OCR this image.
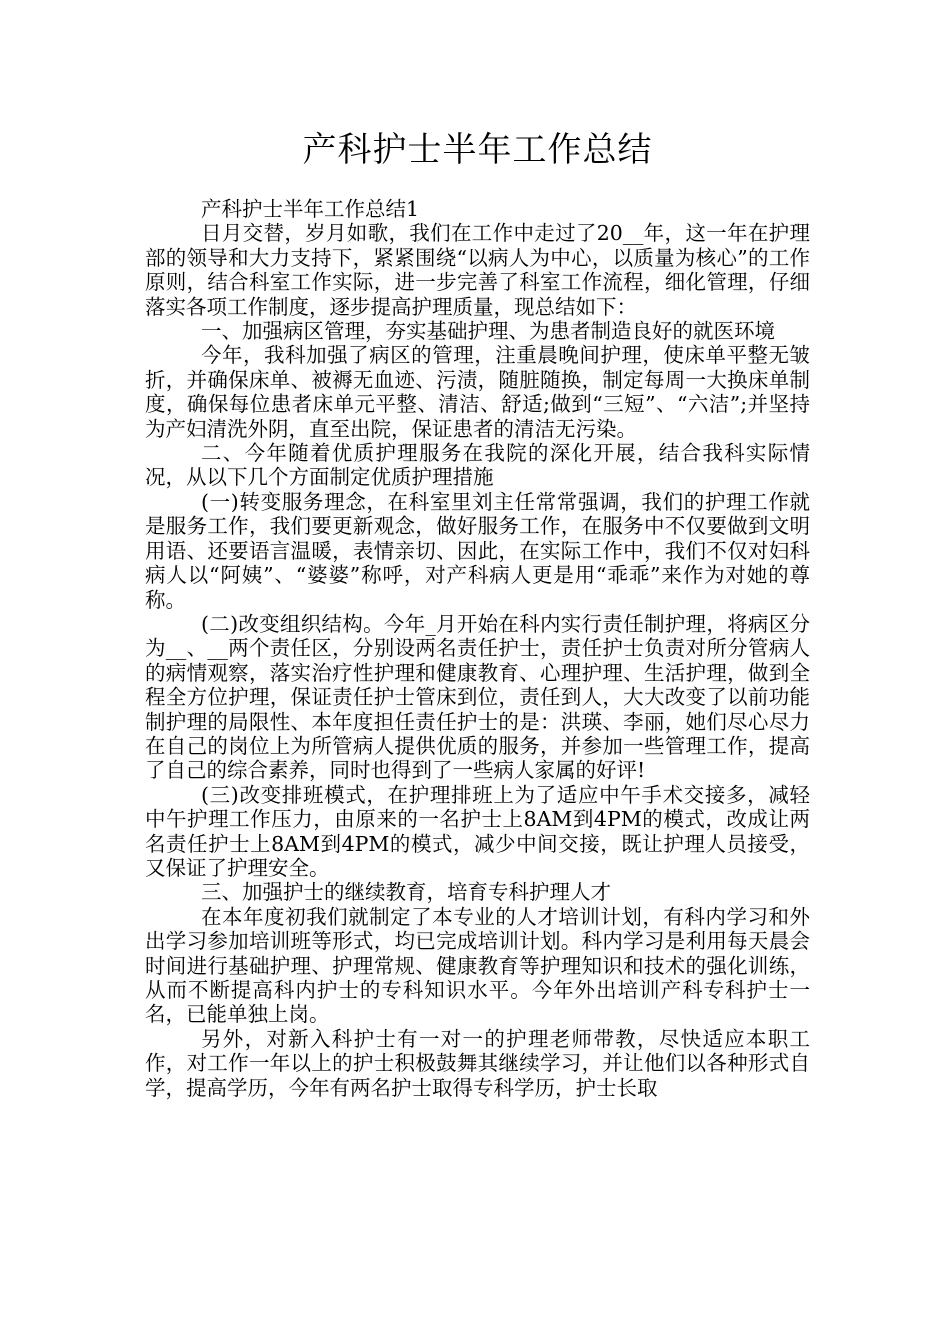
产科护士半年工作总结

产科护士半年工作总结1

日月交替，岁月如歌，我们在工作中走过了20__年，这一年在护理部的领导和大力支持下，紧紧围绕“以病人为中心，以质量为核心”的工作原则，结合科室工作实际，进一步完善了科室工作流程，细化管理，仔细落实各项工作制度，逐步提高护理质量，现总结如下：

一、加强病区管理，夯实基础护理、为患者制造良好的就医环境

今年，我科加强了病区的管理，注重晨晚间护理，使床单平整无皱折，并确保床单、被褥无血迹、污渍，随脏随换，制定每周一大换床单制度，确保每位患者床单元平整、清洁、舒适;做到“三短”、“六洁”;并坚持为产妇清洗外阴，直至出院，保证患者的清洁无污染。

二、今年随着优质护理服务在我院的深化开展，结合我科实际情况，从以下几个方面制定优质护理措施

(一)转变服务理念，在科室里刘主任常常强调，我们的护理工作就是服务工作，我们要更新观念，做好服务工作，在服务中不仅要做到文明用语、还要语言温暖，表情亲切、因此，在实际工作中，我们不仅对妇科病人以“阿姨”、“婆婆”称呼，对产科病人更是用“乖乖”来作为对她的尊称。

(二)改变组织结构。今年_月开始在科内实行责任制护理，将病区分为__、__两个责任区，分别设两名责任护士，责任护士负责对所分管病人的病情观察，落实治疗性护理和健康教育、心理护理、生活护理，做到全程全方位护理，保证责任护士管床到位，责任到人，大大改变了以前功能制护理的局限性、本年度担任责任护士的是：洪瑛、李丽，她们尽心尽力在自己的岗位上为所管病人提供优质的服务，并参加一些管理工作，提高了自己的综合素养，同时也得到了一些病人家属的好评!

(三)改变排班模式，在护理排班上为了适应中午手术交接多，减轻中午护理工作压力，由原来的一名护士上8AM到4PM的模式，改成让两名责任护士上8AM到4PM的模式，减少中间交接，既让护理人员接受，又保证了护理安全。

三、加强护士的继续教育，培育专科护理人才

在本年度初我们就制定了本专业的人才培训计划，有科内学习和外出学习参加培训班等形式，均已完成培训计划。科内学习是利用每天晨会时间进行基础护理、护理常规、健康教育等护理知识和技术的强化训练，从而不断提高科内护士的专科知识水平。今年外出培训产科专科护士一名，已能单独上岗。

另外，对新入科护士有一对一的护理老师带教，尽快适应本职工作，对工作一年以上的护士积极鼓舞其继续学习，并让他们以各种形式自学，提高学历，今年有两名护士取得专科学历，护士长取
